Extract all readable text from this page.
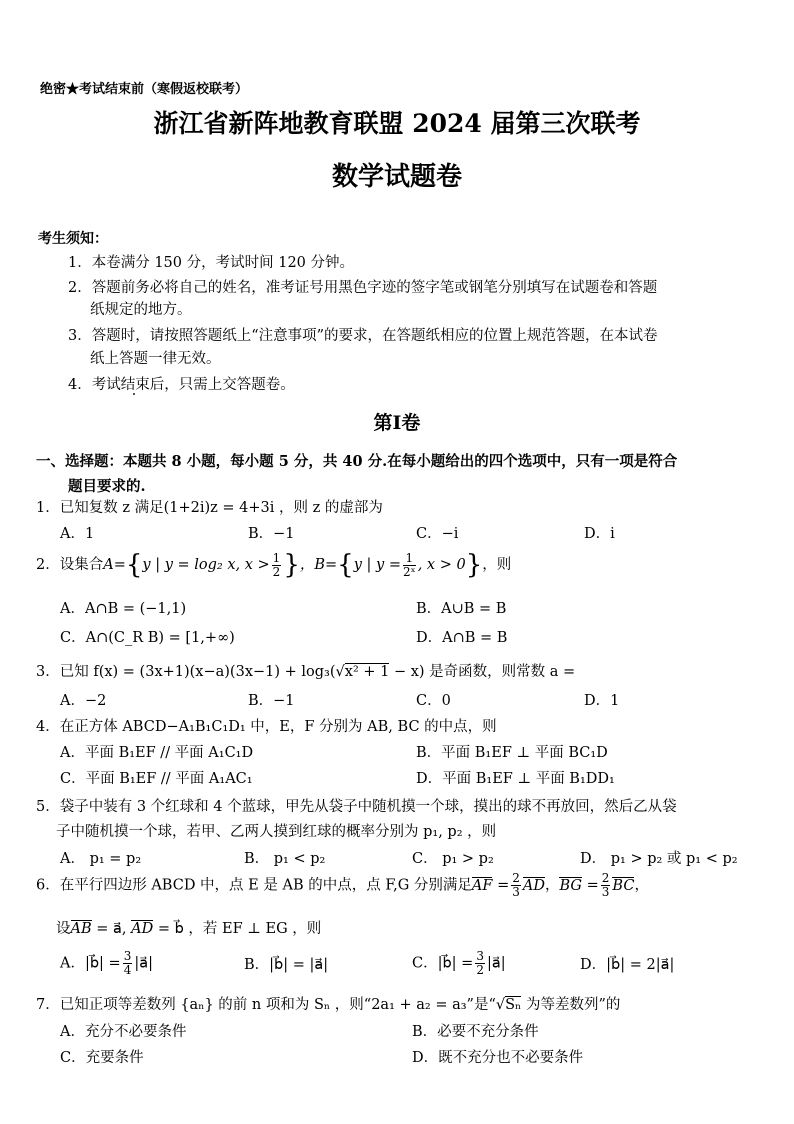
绝密★考试结束前（寒假返校联考）
浙江省新阵地教育联盟 2024 届第三次联考
数学试题卷
考生须知：
1．本卷满分 150 分，考试时间 120 分钟。
2．答题前务必将自己的姓名，准考证号用黑色字迹的签字笔或钢笔分别填写在试题卷和答题
纸规定的地方。
3．答题时，请按照答题纸上“注意事项”的要求，在答题纸相应的位置上规范答题，在本试卷
纸上答题一律无效。
4．考试结束后，只需上交答题卷。
第Ⅰ卷
一、选择题：本题共 8 小题，每小题 5 分，共 40 分.在每小题给出的四个选项中，只有一项是符合
题目要求的.
1．已知复数 z 满足(1+2i)z = 4+3i ，则 z 的虚部为
A．1	B．−1	C．−i	D．i
2．设集合A={y | y = log₂ x, $x > \frac{1}{2}$ }，B={y | $y = \frac{1}{\text{2ˣ}}$ , x > 0}，则
A．A∩B = (−1,1)	B．A∪B = B
C．A∩(C_R B) = [1,+∞)	D．A∩B = B
3．已知 f(x) = (3x+1)(x−a)(3x−1) + log₃(√x² + 1 − x) 是奇函数，则常数 a =
A．−2	B．−1	C．0	D．1
4．在正方体 ABCD−A₁B₁C₁D₁ 中，E，F 分别为 AB, BC 的中点，则
A．平面 B₁EF // 平面 A₁C₁D	B．平面 B₁EF ⊥ 平面 BC₁D
C．平面 B₁EF // 平面 A₁AC₁	D．平面 B₁EF ⊥ 平面 B₁DD₁
5．袋子中装有 3 个红球和 4 个蓝球，甲先从袋子中随机摸一个球，摸出的球不再放回，然后乙从袋
子中随机摸一个球，若甲、乙两人摸到红球的概率分别为 p₁, p₂ ，则
A． p₁ = p₂	B． p₁ < p₂	C． p₁ > p₂	D． p₁ > p₂ 或 p₁ < p₂
6．在平行四边形 ABCD 中，点 E 是 AB 的中点，点 F,G 分别满足AF = $\frac{2}{3}$ AD，BG = $\frac{2}{3}$ BC，
设AB = a⃗, AD = b⃗ ，若 EF ⊥ EG ，则
A．|b⃗| = $\frac{3}{4}$ |a⃗|	B．|b⃗| = |a⃗|	C．|b⃗| = $\frac{3}{2}$ |a⃗|	D．|b⃗| = 2|a⃗|
7．已知正项等差数列 {aₙ} 的前 n 项和为 Sₙ ，则“2a₁ + a₂ = a₃”是“√Sₙ 为等差数列”的
A．充分不必要条件	B．必要不充分条件
C．充要条件	D．既不充分也不必要条件
